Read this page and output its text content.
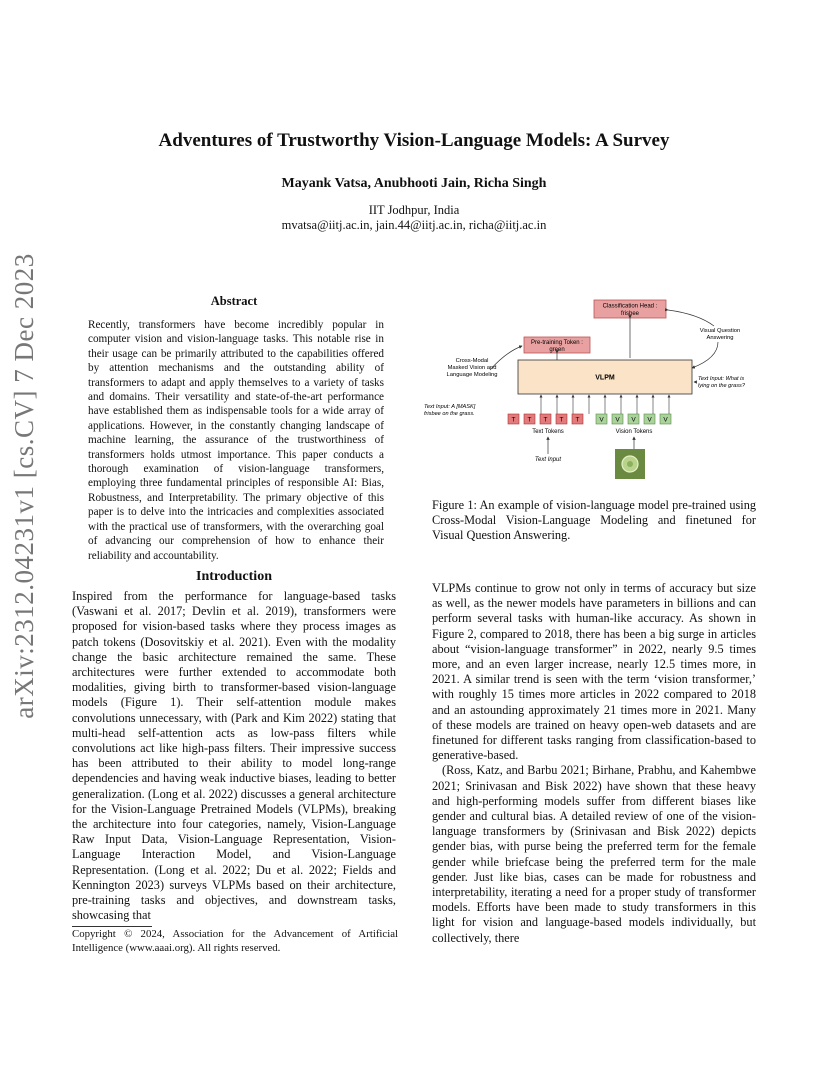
arXiv:2312.04231v1 [cs.CV] 7 Dec 2023
Adventures of Trustworthy Vision-Language Models: A Survey
Mayank Vatsa, Anubhooti Jain, Richa Singh
IIT Jodhpur, India
mvatsa@iitj.ac.in, jain.44@iitj.ac.in, richa@iitj.ac.in
Abstract
Recently, transformers have become incredibly popular in computer vision and vision-language tasks. This notable rise in their usage can be primarily attributed to the capabilities offered by attention mechanisms and the outstanding ability of transformers to adapt and apply themselves to a variety of tasks and domains. Their versatility and state-of-the-art performance have established them as indispensable tools for a wide array of applications. However, in the constantly changing landscape of machine learning, the assurance of the trustworthiness of transformers holds utmost importance. This paper conducts a thorough examination of vision-language transformers, employing three fundamental principles of responsible AI: Bias, Robustness, and Interpretability. The primary objective of this paper is to delve into the intricacies and complexities associated with the practical use of transformers, with the overarching goal of advancing our comprehension of how to enhance their reliability and accountability.
Introduction

Inspired from the performance for language-based tasks (Vaswani et al. 2017; Devlin et al. 2019), transformers were proposed for vision-based tasks where they process images as patch tokens (Dosovitskiy et al. 2021). Even with the modality change the basic architecture remained the same. These architectures were further extended to accommodate both modalities, giving birth to transformer-based vision-language models (Figure 1). Their self-attention module makes convolutions unnecessary, with (Park and Kim 2022) stating that multi-head self-attention acts as low-pass filters while convolutions act like high-pass filters. Their impressive success has been attributed to their ability to model long-range dependencies and having weak inductive biases, leading to better generalization. (Long et al. 2022) discusses a general architecture for the Vision-Language Pretrained Models (VLPMs), breaking the architecture into four categories, namely, Vision-Language Raw Input Data, Vision-Language Representation, Vision-Language Interaction Model, and Vision-Language Representation. (Long et al. 2022; Du et al. 2022; Fields and Kennington 2023) surveys VLPMs based on their architecture, pre-training tasks and objectives, and downstream tasks, showcasing that

Copyright © 2024, Association for the Advancement of Artificial Intelligence (www.aaai.org). All rights reserved.
Classification Head :
frisbee
Pre-training Token :
green
Cross-Modal
Masked Vision and
Language Modeling
Visual Question
Answering
VLPM	Text Input: What is
lying on the grass?
Text Input: A [MASK]
frisbee on the grass.
T T T T T	V V V V V
Text Tokens	Vision Tokens
Text Input
Figure 1: An example of vision-language model pre-trained using Cross-Modal Vision-Language Modeling and finetuned for Visual Question Answering.

VLPMs continue to grow not only in terms of accuracy but size as well, as the newer models have parameters in billions and can perform several tasks with human-like accuracy. As shown in Figure 2, compared to 2018, there has been a big surge in articles about “vision-language transformer” in 2022, nearly 9.5 times more, and an even larger increase, nearly 12.5 times more, in 2021. A similar trend is seen with the term ‘vision transformer,’ with roughly 15 times more articles in 2022 compared to 2018 and an astounding approximately 21 times more in 2021. Many of these models are trained on heavy open-web datasets and are finetuned for different tasks ranging from classification-based to generative-based.

(Ross, Katz, and Barbu 2021; Birhane, Prabhu, and Kahembwe 2021; Srinivasan and Bisk 2022) have shown that these heavy and high-performing models suffer from different biases like gender and cultural bias. A detailed review of one of the vision-language transformers by (Srinivasan and Bisk 2022) depicts gender bias, with purse being the preferred term for the female gender while briefcase being the preferred term for the male gender. Just like bias, cases can be made for robustness and interpretability, iterating a need for a proper study of transformer models. Efforts have been made to study transformers in this light for vision and language-based models individually, but collectively, there
